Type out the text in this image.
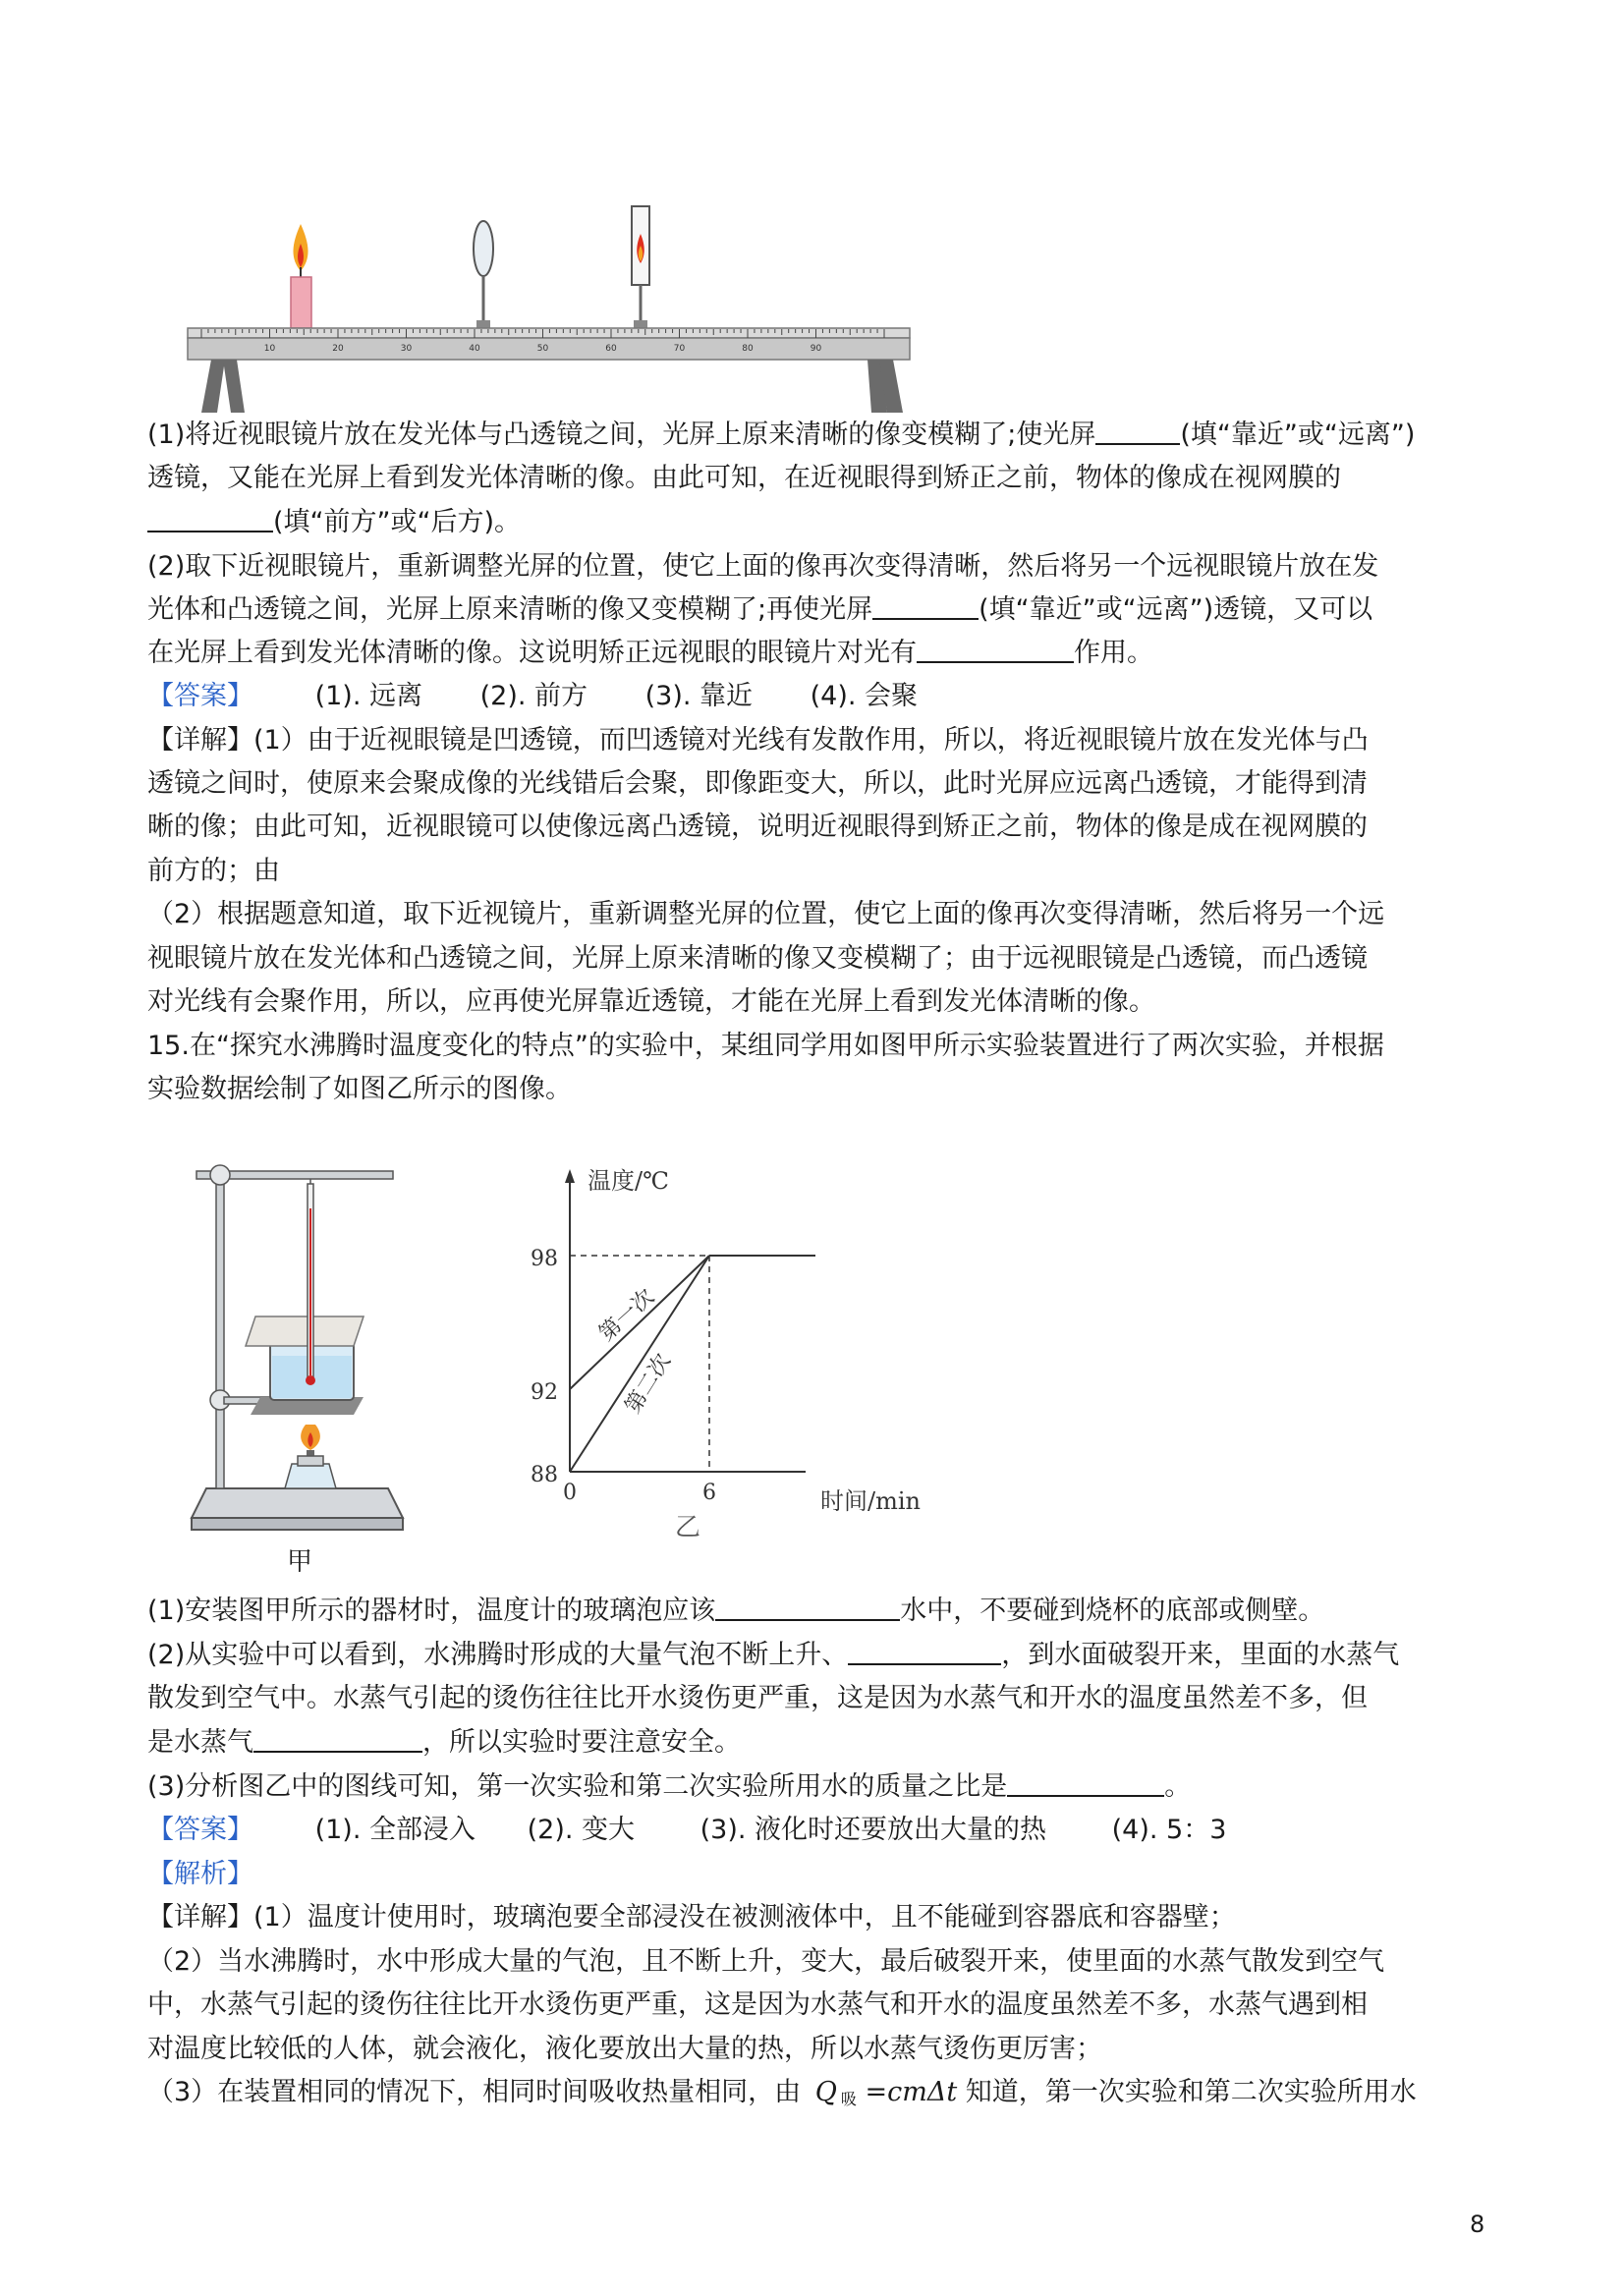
10	20	30	40	50	60	70	80	90
(1)将近视眼镜片放在发光体与凸透镜之间，光屏上原来清晰的像变模糊了;使光屏	(填“靠近”或“远离”)
透镜，又能在光屏上看到发光体清晰的像。由此可知，在近视眼得到矫正之前，物体的像成在视网膜的
(填“前方”或“后方)。
(2)取下近视眼镜片，重新调整光屏的位置，使它上面的像再次变得清晰，然后将另一个远视眼镜片放在发
光体和凸透镜之间，光屏上原来清晰的像又变模糊了;再使光屏	(填“靠近”或“远离”)透镜，又可以
在光屏上看到发光体清晰的像。这说明矫正远视眼的眼镜片对光有	作用。
【答案】 (1). 远离 (2). 前方 (3). 靠近 (4). 会聚
【详解】(1）由于近视眼镜是凹透镜，而凹透镜对光线有发散作用，所以，将近视眼镜片放在发光体与凸
透镜之间时，使原来会聚成像的光线错后会聚，即像距变大，所以，此时光屏应远离凸透镜，才能得到清
晰的像；由此可知，近视眼镜可以使像远离凸透镜，说明近视眼得到矫正之前，物体的像是成在视网膜的
前方的；由
（2）根据题意知道，取下近视镜片，重新调整光屏的位置，使它上面的像再次变得清晰，然后将另一个远
视眼镜片放在发光体和凸透镜之间，光屏上原来清晰的像又变模糊了；由于远视眼镜是凸透镜，而凸透镜
对光线有会聚作用，所以，应再使光屏靠近透镜，才能在光屏上看到发光体清晰的像。
15.在“探究水沸腾时温度变化的特点”的实验中，某组同学用如图甲所示实验装置进行了两次实验，并根据
实验数据绘制了如图乙所示的图像。
甲
温度/℃
时间/min
98
92
88
0	6
第一次
第二次
乙
(1)安装图甲所示的器材时，温度计的玻璃泡应该	水中，不要碰到烧杯的底部或侧壁。
(2)从实验中可以看到，水沸腾时形成的大量气泡不断上升、	，到水面破裂开来，里面的水蒸气
散发到空气中。水蒸气引起的烫伤往往比开水烫伤更严重，这是因为水蒸气和开水的温度虽然差不多，但
是水蒸气	，所以实验时要注意安全。
(3)分析图乙中的图线可知，第一次实验和第二次实验所用水的质量之比是	。
【答案】 (1). 全部浸入 (2). 变大 (3). 液化时还要放出大量的热 (4). 5：3
【解析】
【详解】(1）温度计使用时，玻璃泡要全部浸没在被测液体中，且不能碰到容器底和容器壁；
（2）当水沸腾时，水中形成大量的气泡，且不断上升，变大，最后破裂开来，使里面的水蒸气散发到空气
中，水蒸气引起的烫伤往往比开水烫伤更严重，这是因为水蒸气和开水的温度虽然差不多，水蒸气遇到相
对温度比较低的人体，就会液化，液化要放出大量的热，所以水蒸气烫伤更厉害；
（3）在装置相同的情况下，相同时间吸收热量相同，由 Q 吸 =cmΔt 知道，第一次实验和第二次实验所用水
8
